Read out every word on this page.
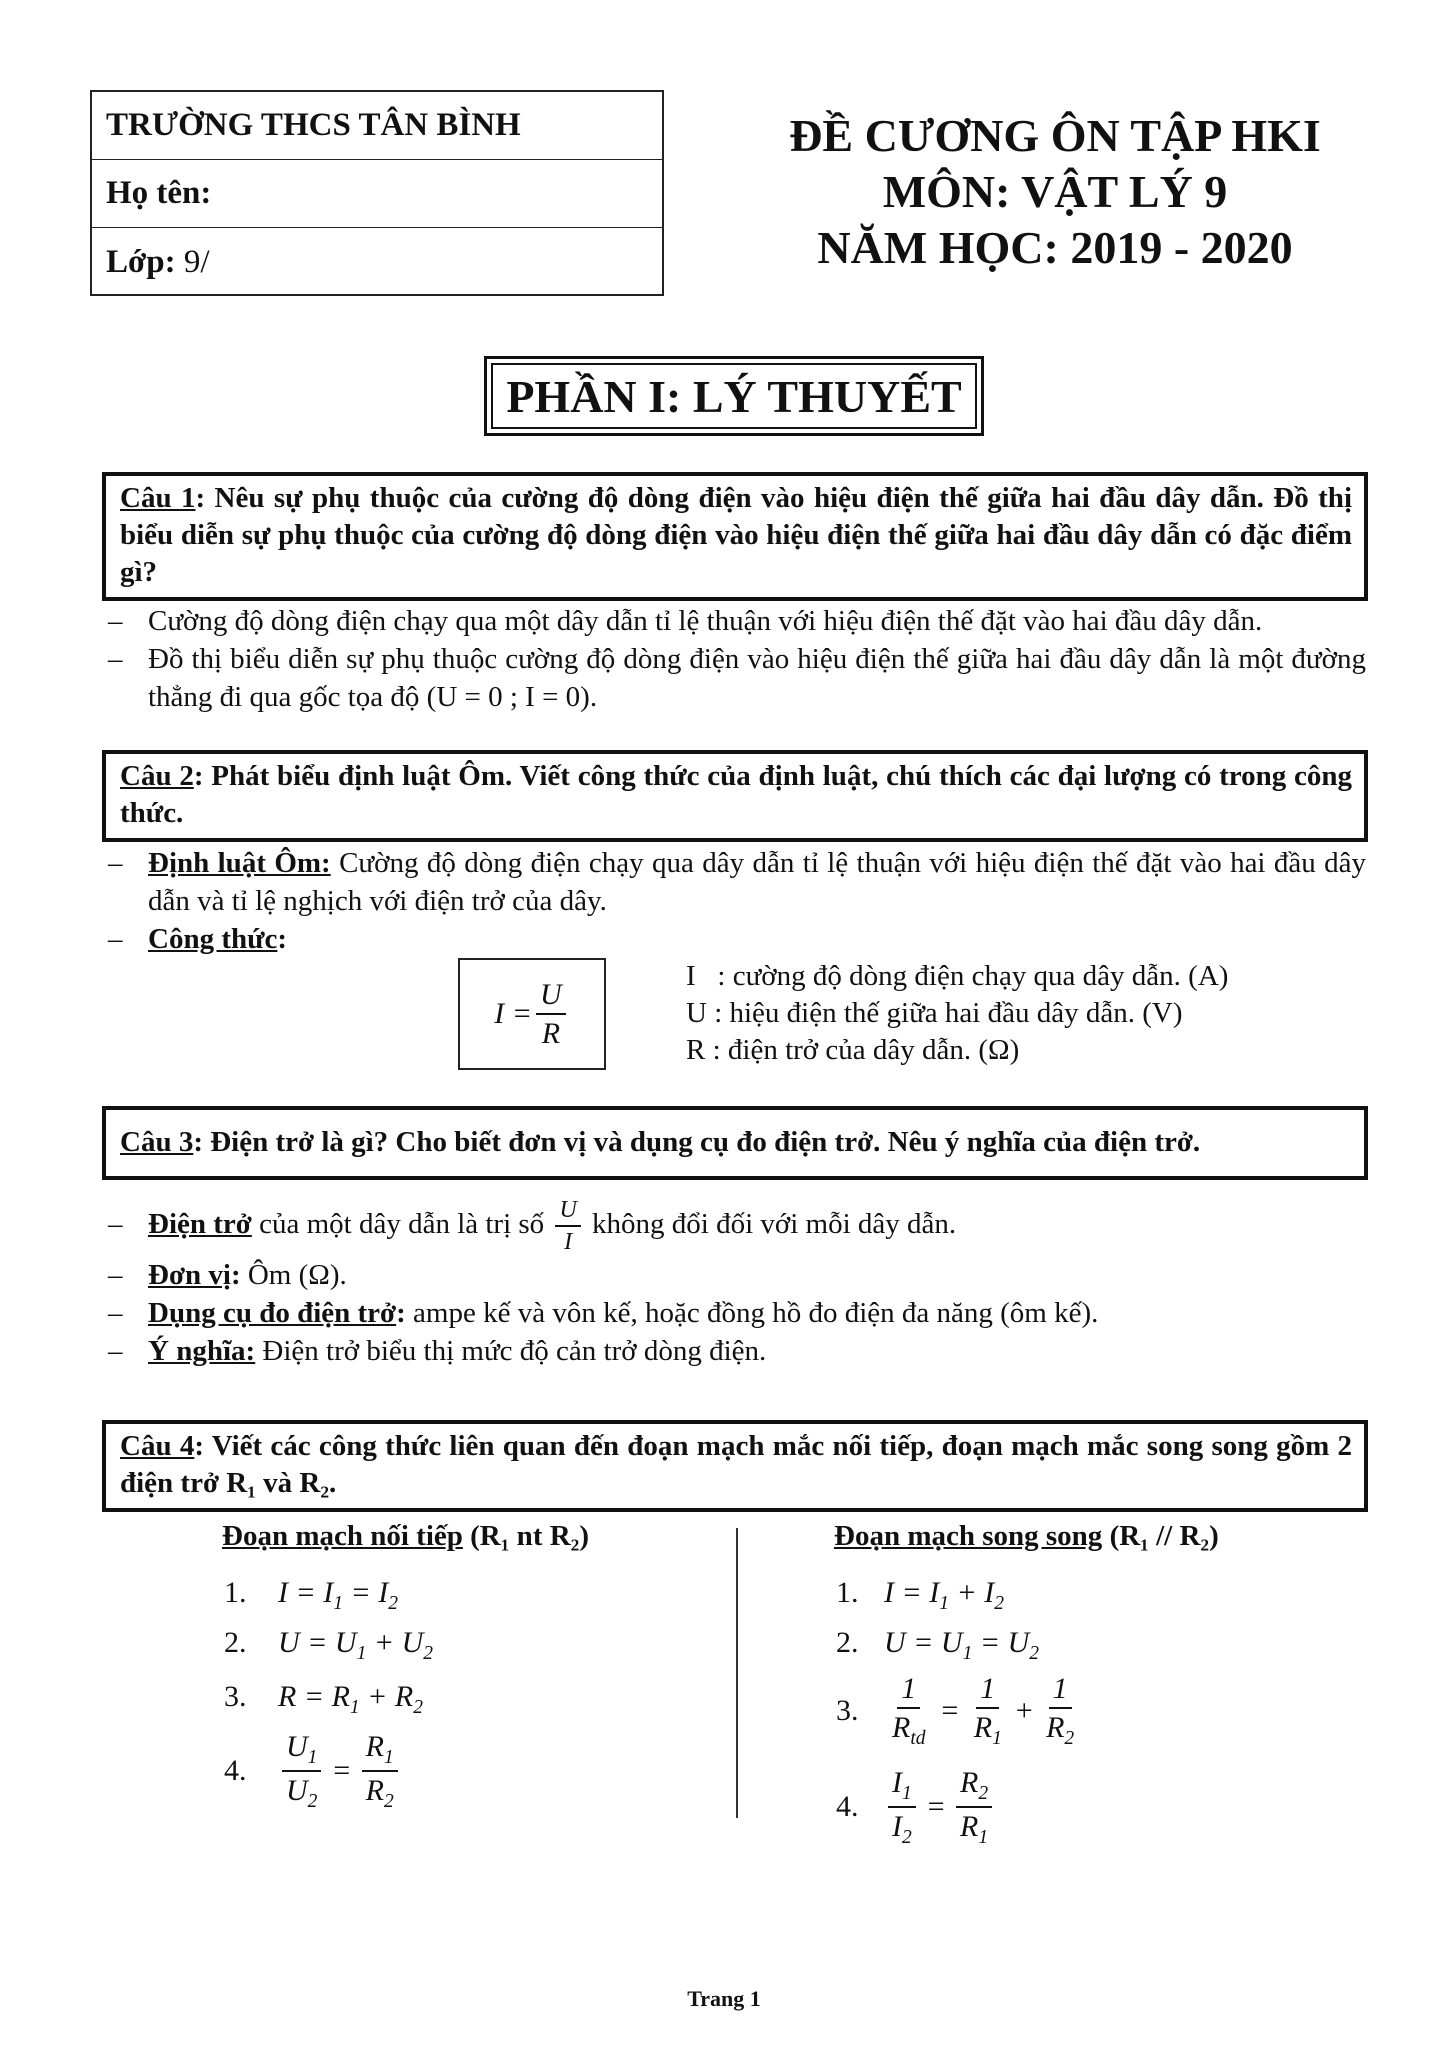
TRƯỜNG THCS TÂN BÌNH
Họ tên:
Lớp:
9/
ĐỀ CƯƠNG ÔN TẬP HKI
MÔN: VẬT LÝ 9
NĂM HỌC: 2019 - 2020
PHẦN I: LÝ THUYẾT
Câu 1: Nêu sự phụ thuộc của cường độ dòng điện vào hiệu điện thế giữa hai đầu dây dẫn. Đồ thị biểu diễn sự phụ thuộc của cường độ dòng điện vào hiệu điện thế giữa hai đầu dây dẫn có đặc điểm gì?
– Cường độ dòng điện chạy qua một dây dẫn tỉ lệ thuận với hiệu điện thế đặt vào hai đầu dây dẫn.
– Đồ thị biểu diễn sự phụ thuộc cường độ dòng điện vào hiệu điện thế giữa hai đầu dây dẫn là một đường thẳng đi qua gốc tọa độ (U = 0 ; I = 0).
Câu 2: Phát biểu định luật Ôm. Viết công thức của định luật, chú thích các đại lượng có trong công thức.
– Định luật Ôm: Cường độ dòng điện chạy qua dây dẫn tỉ lệ thuận với hiệu điện thế đặt vào hai đầu dây dẫn và tỉ lệ nghịch với điện trở của dây.
– Công thức:
$I = \frac{U}{R}$
I   : cường độ dòng điện chạy qua dây dẫn. (A)
U : hiệu điện thế giữa hai đầu dây dẫn. (V)
R : điện trở của dây dẫn. (Ω)
Câu 3: Điện trở là gì? Cho biết đơn vị và dụng cụ đo điện trở. Nêu ý nghĩa của điện trở.
– Điện trở của một dây dẫn là trị số $\frac{U}{I}$ không đổi đối với mỗi dây dẫn.
– Đơn vị: Ôm (Ω).
– Dụng cụ đo điện trở: ampe kế và vôn kế, hoặc đồng hồ đo điện đa năng (ôm kế).
– Ý nghĩa: Điện trở biểu thị mức độ cản trở dòng điện.
Câu 4: Viết các công thức liên quan đến đoạn mạch mắc nối tiếp, đoạn mạch mắc song song gồm 2 điện trở R₁ và R₂.
Đoạn mạch nối tiếp (R₁ nt R₂)
1. $I = I_1 = I_2$
2. $U = U_1 + U_2$
3. $R = R_1 + R_2$
4.	$\frac{U_1}{U_2} = \frac{R_1}{R_2}$
Đoạn mạch song song (R₁ // R₂)
1. $I = I_1 + I_2$
2. $U = U_1 = U_2$
3. $\frac{1}{R_{td}} = \frac{1}{R_1} + \frac{1}{R_2}$
4. $\frac{I_1}{I_2} = \frac{R_2}{R_1}$
Trang 1
